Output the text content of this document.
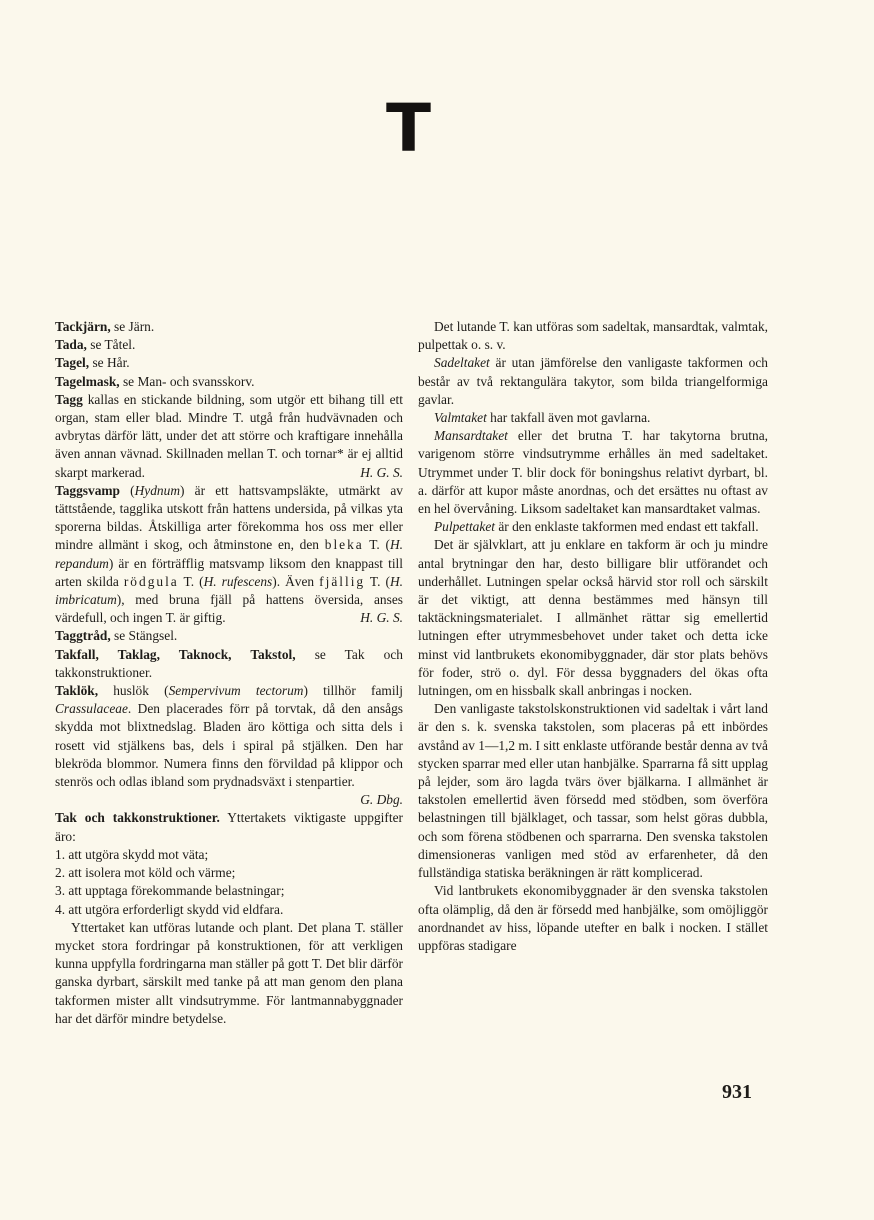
T

Tackjärn, se Järn.

Tada, se Tåtel.

Tagel, se Hår.

Tagelmask, se Man- och svansskorv.

Tagg kallas en stickande bildning, som utgör ett bihang till ett organ, stam eller blad. Mindre T. utgå från hudvävnaden och avbrytas därför lätt, under det att större och kraftigare innehålla även annan vävnad. Skillnaden mellan T. och tornar* är ej alltid skarpt markerad.	H. G. S.

Taggsvamp (Hydnum) är ett hattsvampsläkte, utmärkt av tättstående, tagglika utskott från hattens undersida, på vilkas yta sporerna bildas. Åtskilliga arter förekomma hos oss mer eller mindre allmänt i skog, och åtminstone en, den bleka T. (H. repandum) är en förträfflig matsvamp liksom den knappast till arten skilda rödgula T. (H. rufescens). Även fjällig T. (H. imbricatum), med bruna fjäll på hattens översida, anses värdefull, och ingen T. är giftig.	H. G. S.

Taggtråd, se Stängsel.

Takfall, Taklag, Taknock, Takstol, se Tak och takkonstruktioner.

Taklök, huslök (Sempervivum tectorum) tillhör familj Crassulaceae. Den placerades förr på torvtak, då den ansågs skydda mot blixtnedslag. Bladen äro köttiga och sitta dels i rosett vid stjälkens bas, dels i spiral på stjälken. Den har blekröda blommor. Numera finns den förvildad på klippor och stenrös och odlas ibland som prydnadsväxt i stenpartier.
G. Dbg.

Tak och takkonstruktioner. Yttertakets viktigaste uppgifter äro:

1. att utgöra skydd mot väta;
2. att isolera mot köld och värme;
3. att upptaga förekommande belastningar;
4. att utgöra erforderligt skydd vid eldfara.

Yttertaket kan utföras lutande och plant. Det plana T. ställer mycket stora fordringar på konstruktionen, för att verkligen kunna uppfylla fordringarna man ställer på gott T. Det blir därför ganska dyrbart, särskilt med tanke på att man genom den plana takformen mister allt vindsutrymme. För lantmannabyggnader har det därför mindre betydelse.

Det lutande T. kan utföras som sadeltak, mansardtak, valmtak, pulpettak o. s. v.

Sadeltaket är utan jämförelse den vanligaste takformen och består av två rektangulära takytor, som bilda triangelformiga gavlar.

Valmtaket har takfall även mot gavlarna.

Mansardtaket eller det brutna T. har takytorna brutna, varigenom större vindsutrymme erhålles än med sadeltaket. Utrymmet under T. blir dock för boningshus relativt dyrbart, bl. a. därför att kupor måste anordnas, och det ersättes nu oftast av en hel övervåning. Liksom sadeltaket kan mansardtaket valmas.

Pulpettaket är den enklaste takformen med endast ett takfall.

Det är självklart, att ju enklare en takform är och ju mindre antal brytningar den har, desto billigare blir utförandet och underhållet. Lutningen spelar också härvid stor roll och särskilt är det viktigt, att denna bestämmes med hänsyn till taktäckningsmaterialet. I allmänhet rättar sig emellertid lutningen efter utrymmesbehovet under taket och detta icke minst vid lantbrukets ekonomibyggnader, där stor plats behövs för foder, strö o. dyl. För dessa byggnaders del ökas ofta lutningen, om en hissbalk skall anbringas i nocken.

Den vanligaste takstolskonstruktionen vid sadeltak i vårt land är den s. k. svenska takstolen, som placeras på ett inbördes avstånd av 1—1,2 m. I sitt enklaste utförande består denna av två stycken sparrar med eller utan hanbjälke. Sparrarna få sitt upplag på lejder, som äro lagda tvärs över bjälkarna. I allmänhet är takstolen emellertid även försedd med stödben, som överföra belastningen till bjälklaget, och tassar, som helst göras dubbla, och som förena stödbenen och sparrarna. Den svenska takstolen dimensioneras vanligen med stöd av erfarenheter, då den fullständiga statiska beräkningen är rätt komplicerad.

Vid lantbrukets ekonomibyggnader är den svenska takstolen ofta olämplig, då den är försedd med hanbjälke, som omöjliggör anordnandet av hiss, löpande utefter en balk i nocken. I stället uppföras stadigare

931
